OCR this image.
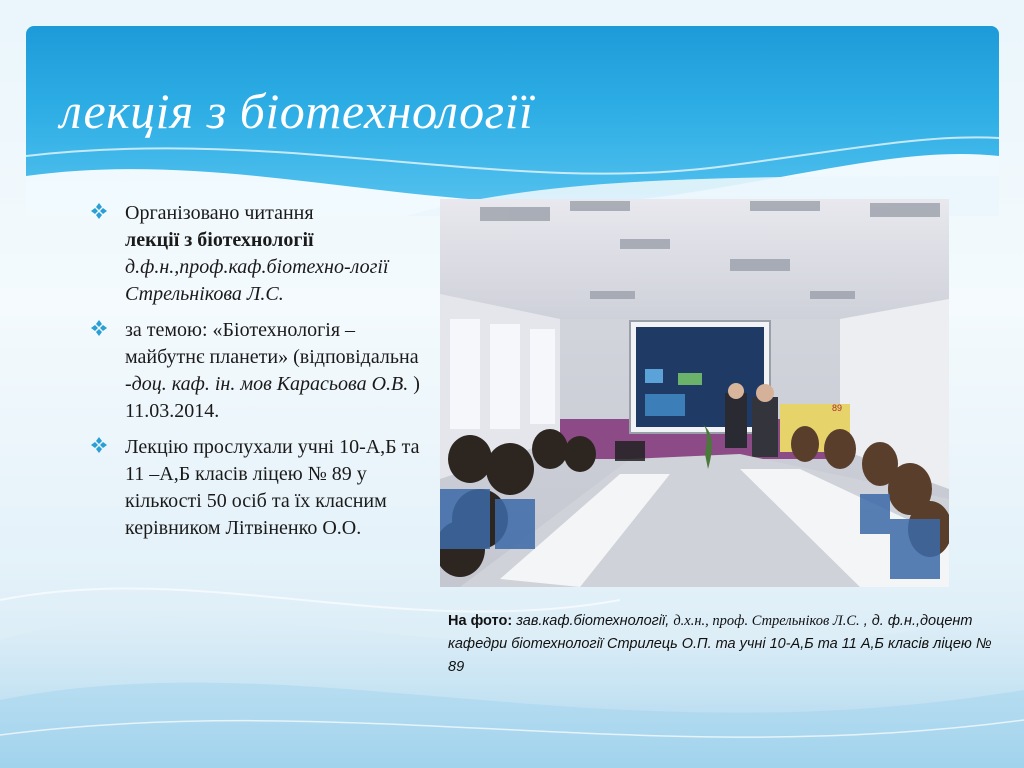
лекція з біотехнології
Організовано читання
лекції з біотехнології
д.ф.н.,проф.каф.біотехно-логії Стрельнікова Л.С.
за темою: «Біотехнологія –майбутнє планети» (відповідальна -доц. каф. ін. мов Карасьова О.В. ) 11.03.2014.
Лекцію прослухали учні 10-А,Б та 11 –А,Б класів ліцею № 89 у кількості 50 осіб та їх класним керівником Літвіненко О.О.
89
На фото: зав.каф.біотехнології, д.х.н., проф. Стрельніков Л.С. , д. ф.н.,доцент кафедри біотехнології Стрилець О.П. та учні 10-А,Б та 11 А,Б класів ліцею № 89
